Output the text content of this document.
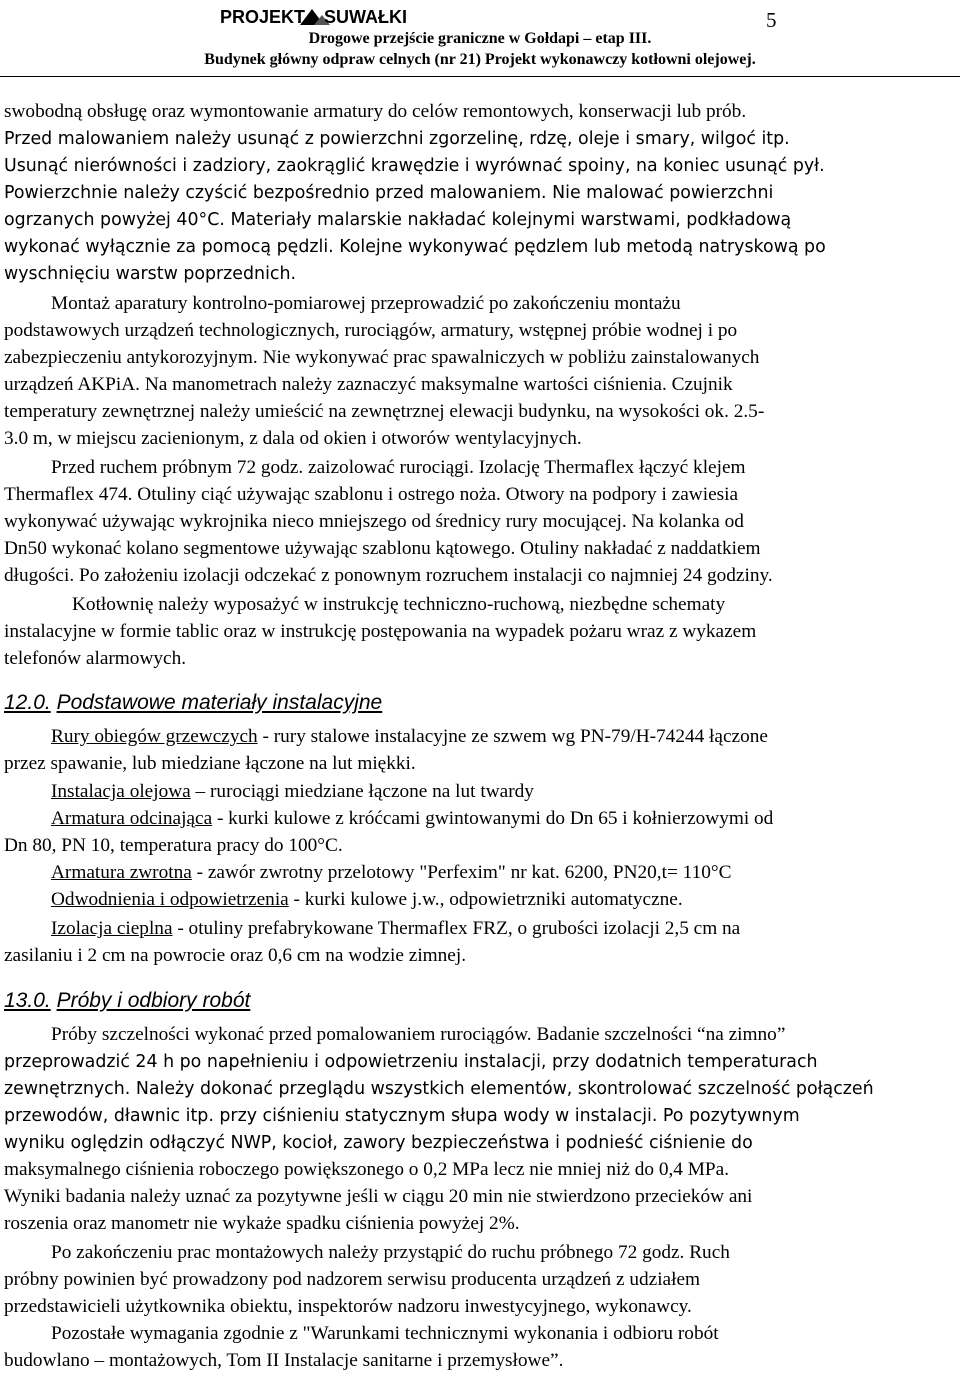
PROJEKT SUWAŁKI	5
Drogowe przejście graniczne w Gołdapi – etap III.
Budynek główny odpraw celnych (nr 21) Projekt wykonawczy kotłowni olejowej.
swobodną obsługę oraz wymontowanie armatury do celów remontowych, konserwacji lub prób.
Przed malowaniem należy usunąć z powierzchni zgorzelinę, rdzę, oleje i smary, wilgoć itp.
Usunąć nierówności i zadziory, zaokrąglić krawędzie i wyrównać spoiny, na koniec usunąć pył.
Powierzchnie należy czyścić bezpośrednio przed malowaniem. Nie malować powierzchni
ogrzanych powyżej 40°C. Materiały malarskie nakładać kolejnymi warstwami, podkładową
wykonać wyłącznie za pomocą pędzli. Kolejne wykonywać pędzlem lub metodą natryskową po
wyschnięciu warstw poprzednich.
Montaż aparatury kontrolno-pomiarowej przeprowadzić po zakończeniu montażu
podstawowych urządzeń technologicznych, rurociągów, armatury, wstępnej próbie wodnej i po
zabezpieczeniu antykorozyjnym. Nie wykonywać prac spawalniczych w pobliżu zainstalowanych
urządzeń AKPiA. Na manometrach należy zaznaczyć maksymalne wartości ciśnienia. Czujnik
temperatury zewnętrznej należy umieścić na zewnętrznej elewacji budynku, na wysokości ok. 2.5-
3.0 m, w miejscu zacienionym, z dala od okien i otworów wentylacyjnych.
Przed ruchem próbnym 72 godz. zaizolować rurociągi. Izolację Thermaflex łączyć klejem
Thermaflex 474. Otuliny ciąć używając szablonu i ostrego noża. Otwory na podpory i zawiesia
wykonywać używając wykrojnika nieco mniejszego od średnicy rury mocującej. Na kolanka od
Dn50 wykonać kolano segmentowe używając szablonu kątowego. Otuliny nakładać z naddatkiem
długości. Po założeniu izolacji odczekać z ponownym rozruchem instalacji co najmniej 24 godziny.
Kotłownię należy wyposażyć w instrukcję techniczno-ruchową, niezbędne schematy
instalacyjne w formie tablic oraz w instrukcję postępowania na wypadek pożaru wraz z wykazem
telefonów alarmowych.
12.0. Podstawowe materiały instalacyjne
Rury obiegów grzewczych - rury stalowe instalacyjne ze szwem wg PN-79/H-74244 łączone
przez spawanie, lub miedziane łączone na lut miękki.
Instalacja olejowa – rurociągi miedziane łączone na lut twardy
Armatura odcinająca - kurki kulowe z króćcami gwintowanymi do Dn 65 i kołnierzowymi od
Dn 80, PN 10, temperatura pracy do 100°C.
Armatura zwrotna - zawór zwrotny przelotowy "Perfexim" nr kat. 6200, PN20,t= 110°C
Odwodnienia i odpowietrzenia - kurki kulowe j.w., odpowietrzniki automatyczne.
Izolacja cieplna - otuliny prefabrykowane Thermaflex FRZ, o grubości izolacji 2,5 cm na
zasilaniu i 2 cm na powrocie oraz 0,6 cm na wodzie zimnej.
13.0. Próby i odbiory robót
Próby szczelności wykonać przed pomalowaniem rurociągów. Badanie szczelności “na zimno”
przeprowadzić 24 h po napełnieniu i odpowietrzeniu instalacji, przy dodatnich temperaturach
zewnętrznych. Należy dokonać przeglądu wszystkich elementów, skontrolować szczelność połączeń
przewodów, dławnic itp. przy ciśnieniu statycznym słupa wody w instalacji. Po pozytywnym
wyniku oględzin odłączyć NWP, kocioł, zawory bezpieczeństwa i podnieść ciśnienie do
maksymalnego ciśnienia roboczego powiększonego o 0,2 MPa lecz nie mniej niż do 0,4 MPa.
Wyniki badania należy uznać za pozytywne jeśli w ciągu 20 min nie stwierdzono przecieków ani
roszenia oraz manometr nie wykaże spadku ciśnienia powyżej 2%.
Po zakończeniu prac montażowych należy przystąpić do ruchu próbnego 72 godz. Ruch
próbny powinien być prowadzony pod nadzorem serwisu producenta urządzeń z udziałem
przedstawicieli użytkownika obiektu, inspektorów nadzoru inwestycyjnego, wykonawcy.
Pozostałe wymagania zgodnie z "Warunkami technicznymi wykonania i odbioru robót
budowlano – montażowych, Tom II Instalacje sanitarne i przemysłowe”.
